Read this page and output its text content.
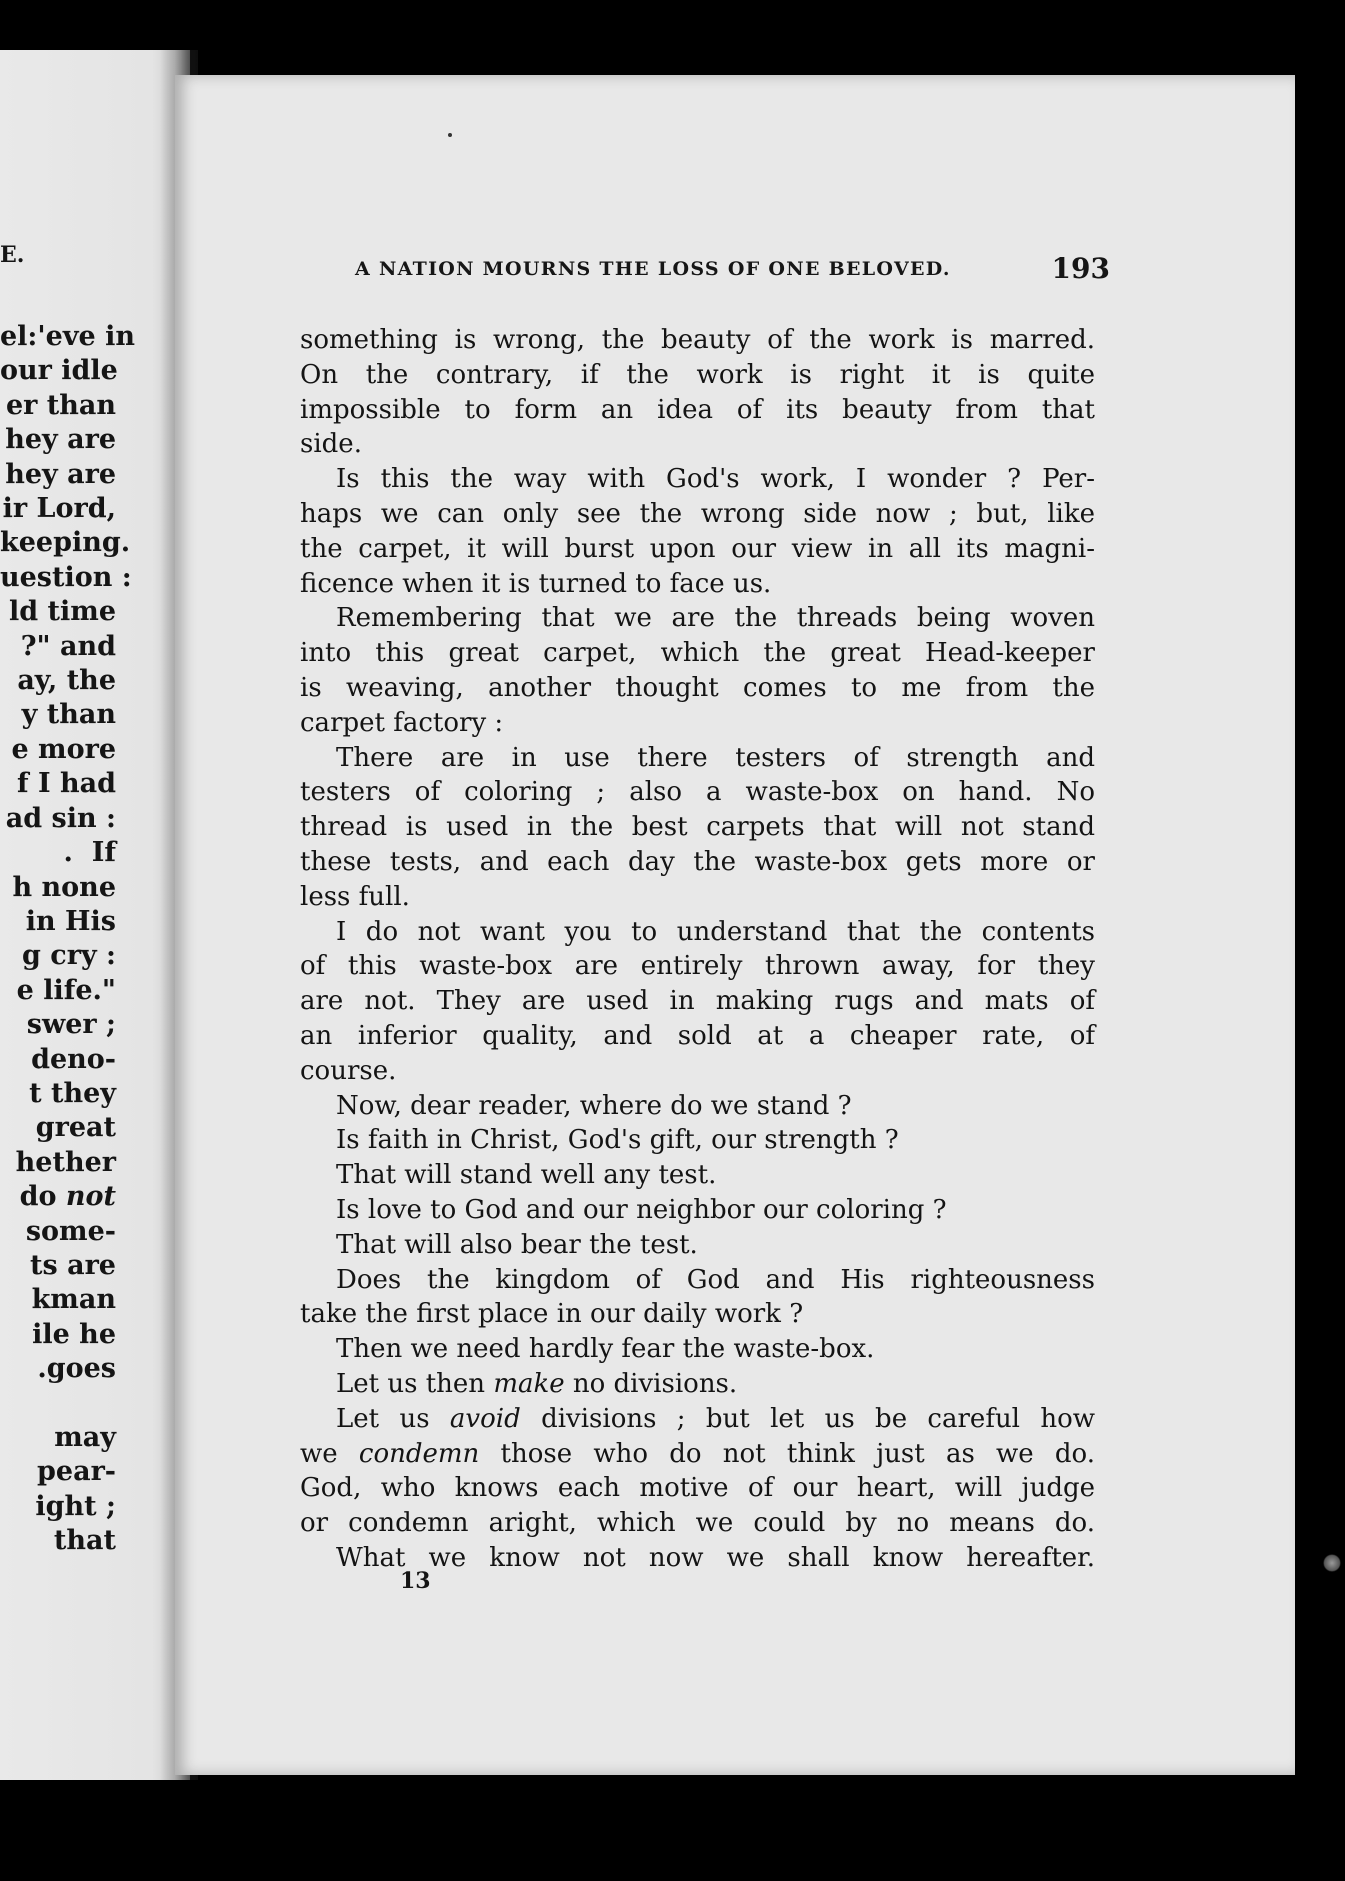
E.
el:'eve in
our idle
er than
hey are
hey are
ir Lord,
keeping.
uestion :
ld time
?" and
ay, the
y than
e more
f I had
ad sin :
.  If
h none
in His
g cry :
e life."
swer ;
deno-
t they
great
hether
do not
some-
ts are
kman
ile he
.goes

may
pear-
ight ;
that
A NATION MOURNS THE LOSS OF ONE BELOVED.	193
something is wrong, the beauty of the work is marred.
On the contrary, if the work is right it is quite
impossible to form an idea of its beauty from that
side.
Is this the way with God's work, I wonder ? Per-
haps we can only see the wrong side now ; but, like
the carpet, it will burst upon our view in all its magni-
ficence when it is turned to face us.
Remembering that we are the threads being woven
into this great carpet, which the great Head-keeper
is weaving, another thought comes to me from the
carpet factory :
There are in use there testers of strength and
testers of coloring ; also a waste-box on hand. No
thread is used in the best carpets that will not stand
these tests, and each day the waste-box gets more or
less full.
I do not want you to understand that the contents
of this waste-box are entirely thrown away, for they
are not. They are used in making rugs and mats of
an inferior quality, and sold at a cheaper rate, of
course.
Now, dear reader, where do we stand ?
Is faith in Christ, God's gift, our strength ?
That will stand well any test.
Is love to God and our neighbor our coloring ?
That will also bear the test.
Does the kingdom of God and His righteousness
take the first place in our daily work ?
Then we need hardly fear the waste-box.
Let us then make no divisions.
Let us avoid divisions ; but let us be careful how
we condemn those who do not think just as we do.
God, who knows each motive of our heart, will judge
or condemn aright, which we could by no means do.
What we know not now we shall know hereafter.
13
